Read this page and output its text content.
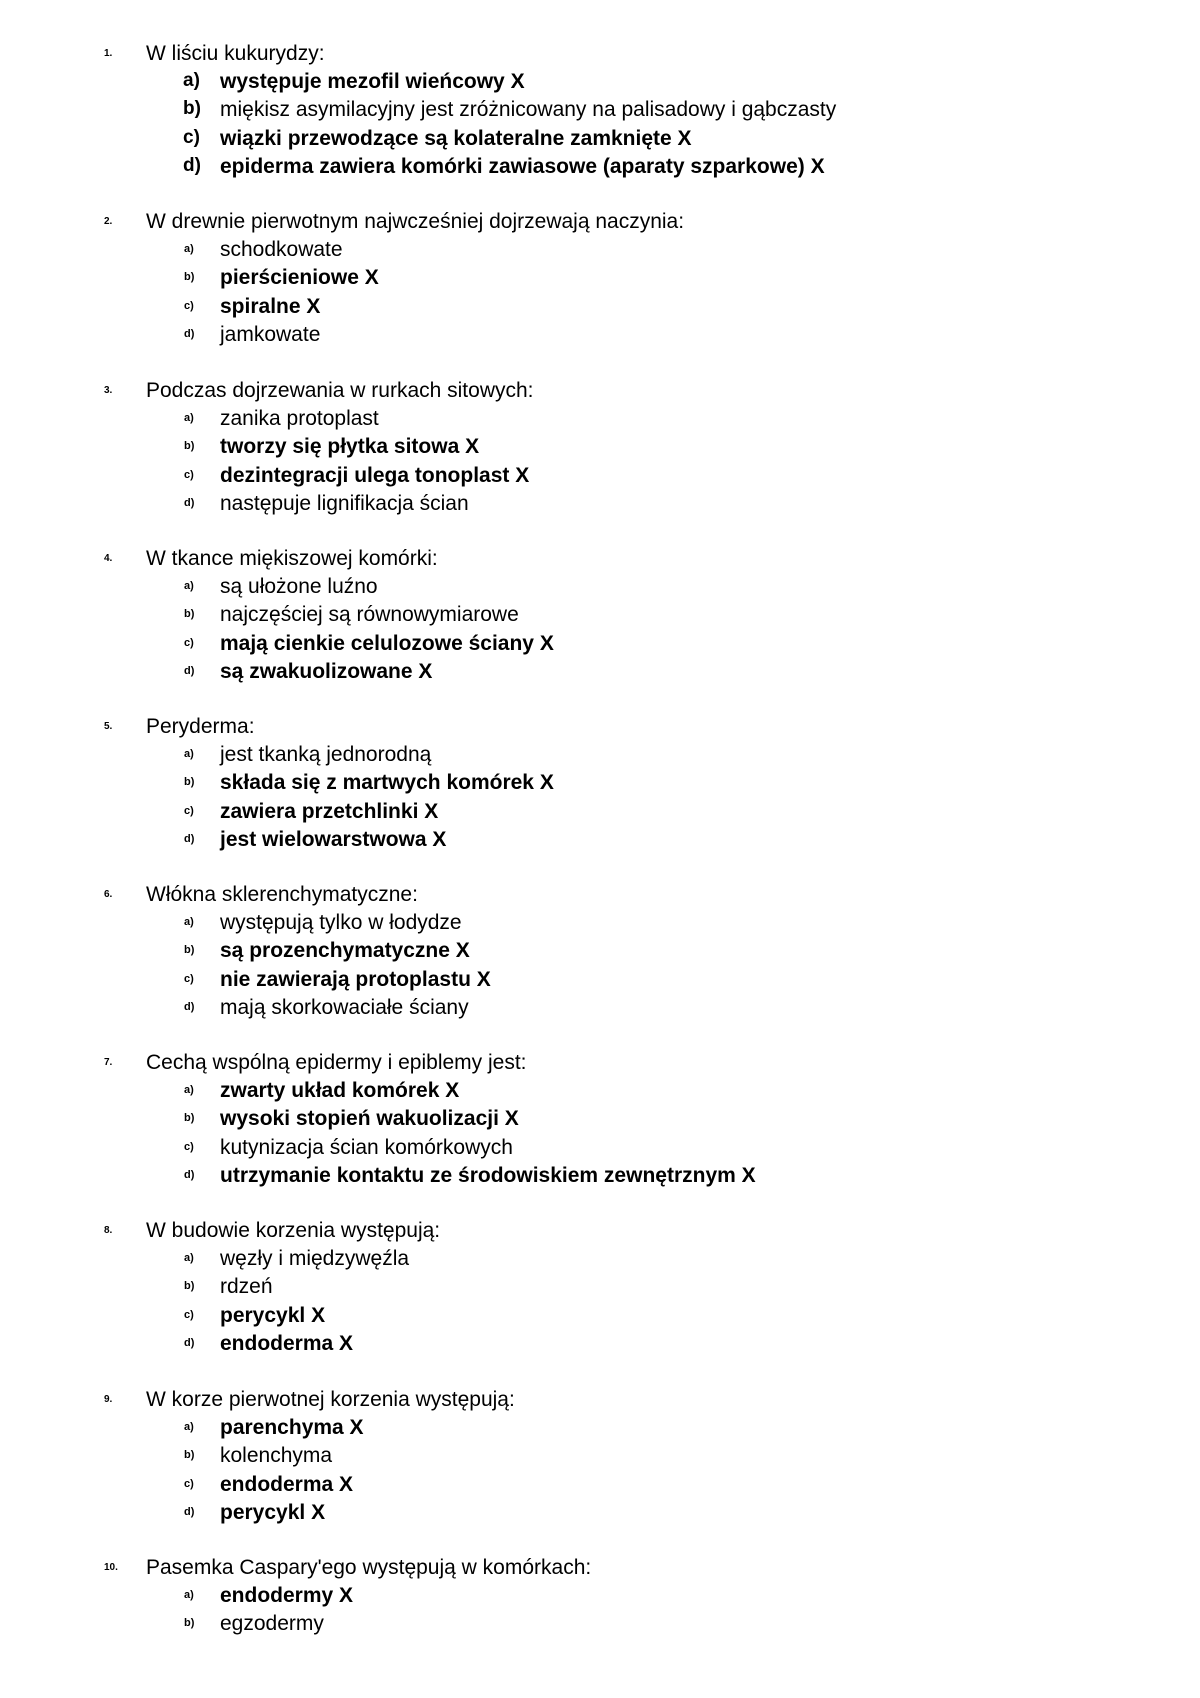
1.	W liściu kukurydzy:
a) występuje mezofil wieńcowy X
b) miękisz asymilacyjny jest zróżnicowany na palisadowy i gąbczasty
c) wiązki przewodzące są kolateralne zamknięte X
d) epiderma zawiera komórki zawiasowe (aparaty szparkowe) X
2.	W drewnie pierwotnym najwcześniej dojrzewają naczynia:
a)	schodkowate
b)	pierścieniowe X
c)	spiralne X
d)	jamkowate
3.	Podczas dojrzewania w rurkach sitowych:
a)	zanika protoplast
b)	tworzy się płytka sitowa X
c)	dezintegracji ulega tonoplast X
d)	następuje lignifikacja ścian
4.	W tkance miękiszowej komórki:
a)	są ułożone luźno
b)	najczęściej są równowymiarowe
c)	mają cienkie celulozowe ściany X
d)	są zwakuolizowane X
5.	Peryderma:
a)	jest tkanką jednorodną
b)	składa się z martwych komórek X
c)	zawiera przetchlinki X
d)	jest wielowarstwowa X
6.	Włókna sklerenchymatyczne:
a)	występują tylko w łodydze
b)	są prozenchymatyczne X
c)	nie zawierają protoplastu X
d)	mają skorkowaciałe ściany
7.	Cechą wspólną epidermy i epiblemy jest:
a)	zwarty układ komórek X
b)	wysoki stopień wakuolizacji X
c)	kutynizacja ścian komórkowych
d)	utrzymanie kontaktu ze środowiskiem zewnętrznym X
8.	W budowie korzenia występują:
a)	węzły i międzywęźla
b)	rdzeń
c)	perycykl X
d)	endoderma X
9.	W korze pierwotnej korzenia występują:
a)	parenchyma X
b)	kolenchyma
c)	endoderma X
d)	perycykl X
10.	Pasemka Caspary'ego występują w komórkach:
a)	endodermy X
b)	egzodermy
